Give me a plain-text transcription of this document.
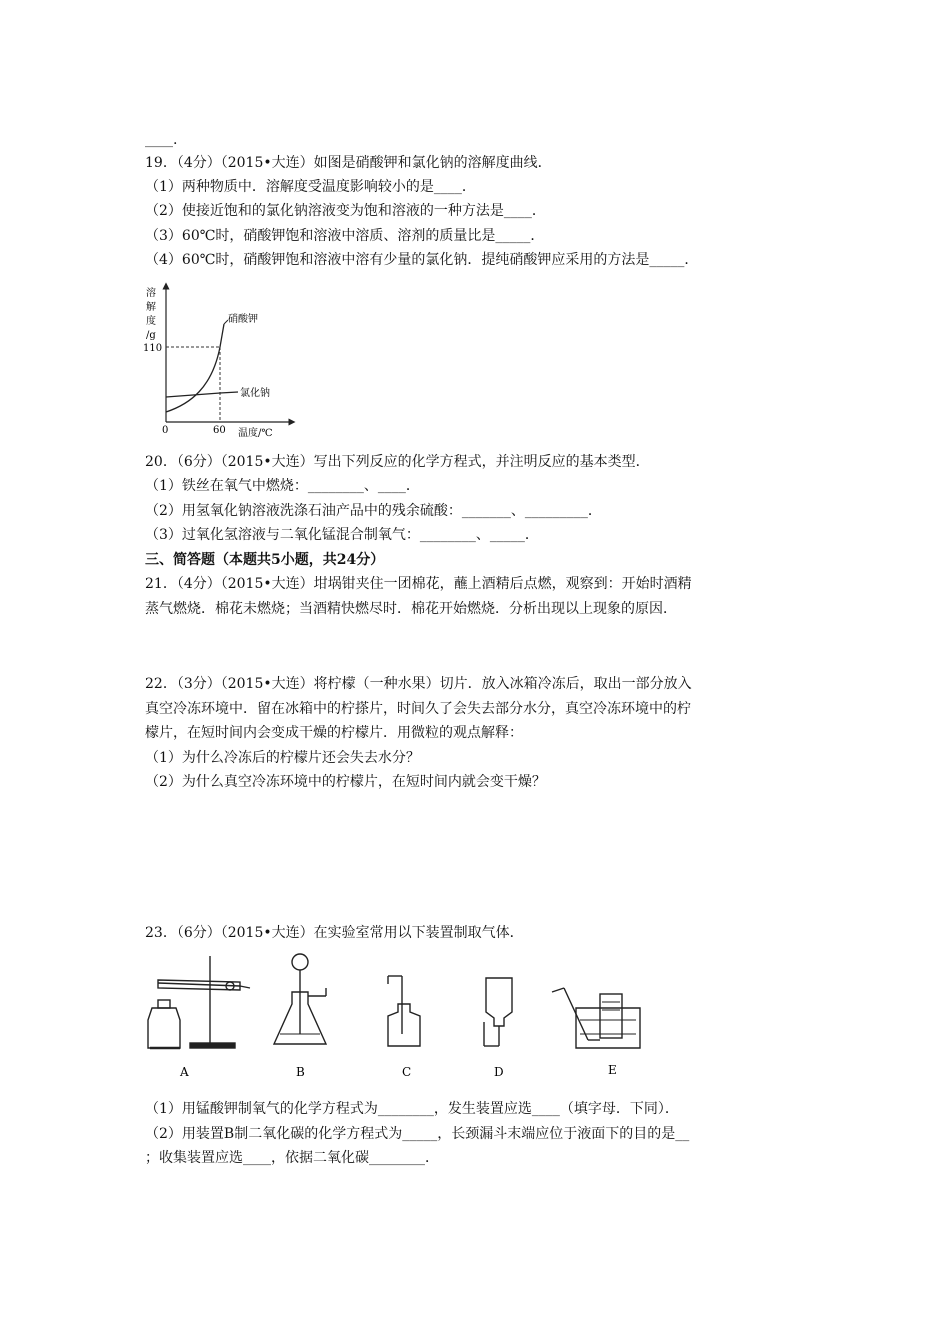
____.
19．（4分）（2015•大连）如图是硝酸钾和氯化钠的溶解度曲线．
（1）两种物质中．溶解度受温度影响较小的是____．
（2）使接近饱和的氯化钠溶液变为饱和溶液的一种方法是____．
（3）60℃时，硝酸钾饱和溶液中溶质、溶剂的质量比是_____．
（4）60℃时，硝酸钾饱和溶液中溶有少量的氯化钠．提纯硝酸钾应采用的方法是_____．
溶
解
度
/g
110
硝酸钾
氯化钠
0	60 温度/℃
20．（6分）（2015•大连）写出下列反应的化学方程式，并注明反应的基本类型．
（1）铁丝在氧气中燃烧：________、____．
（2）用氢氧化钠溶液洗涤石油产品中的残余硫酸：_______、_________．
（3）过氧化氢溶液与二氧化锰混合制氧气：________、_____．
三、简答题（本题共5小题，共24分）
21．（4分）（2015•大连）坩埚钳夹住一团棉花，蘸上酒精后点燃，观察到：开始时酒精
蒸气燃烧．棉花未燃烧；当酒精快燃尽时．棉花开始燃烧．分析出现以上现象的原因．
22．（3分）（2015•大连）将柠檬（一种水果）切片．放入冰箱冷冻后，取出一部分放入
真空冷冻环境中．留在冰箱中的柠搽片，时间久了会失去部分水分，真空冷冻环境中的柠
檬片，在短时间内会变成干燥的柠檬片．用微粒的观点解释：
（1）为什么冷冻后的柠檬片还会失去水分？
（2）为什么真空冷冻环境中的柠檬片，在短时间内就会变干燥？
23．（6分）（2015•大连）在实验室常用以下装置制取气体．
A	B	C	D	E
（1）用锰酸钾制氧气的化学方程式为________，发生装置应选____（填字母．下同）．
（2）用装置B制二氧化碳的化学方程式为_____，长颈漏斗末端应位于液面下的目的是__
；收集装置应选____，依据二氧化碳________．
